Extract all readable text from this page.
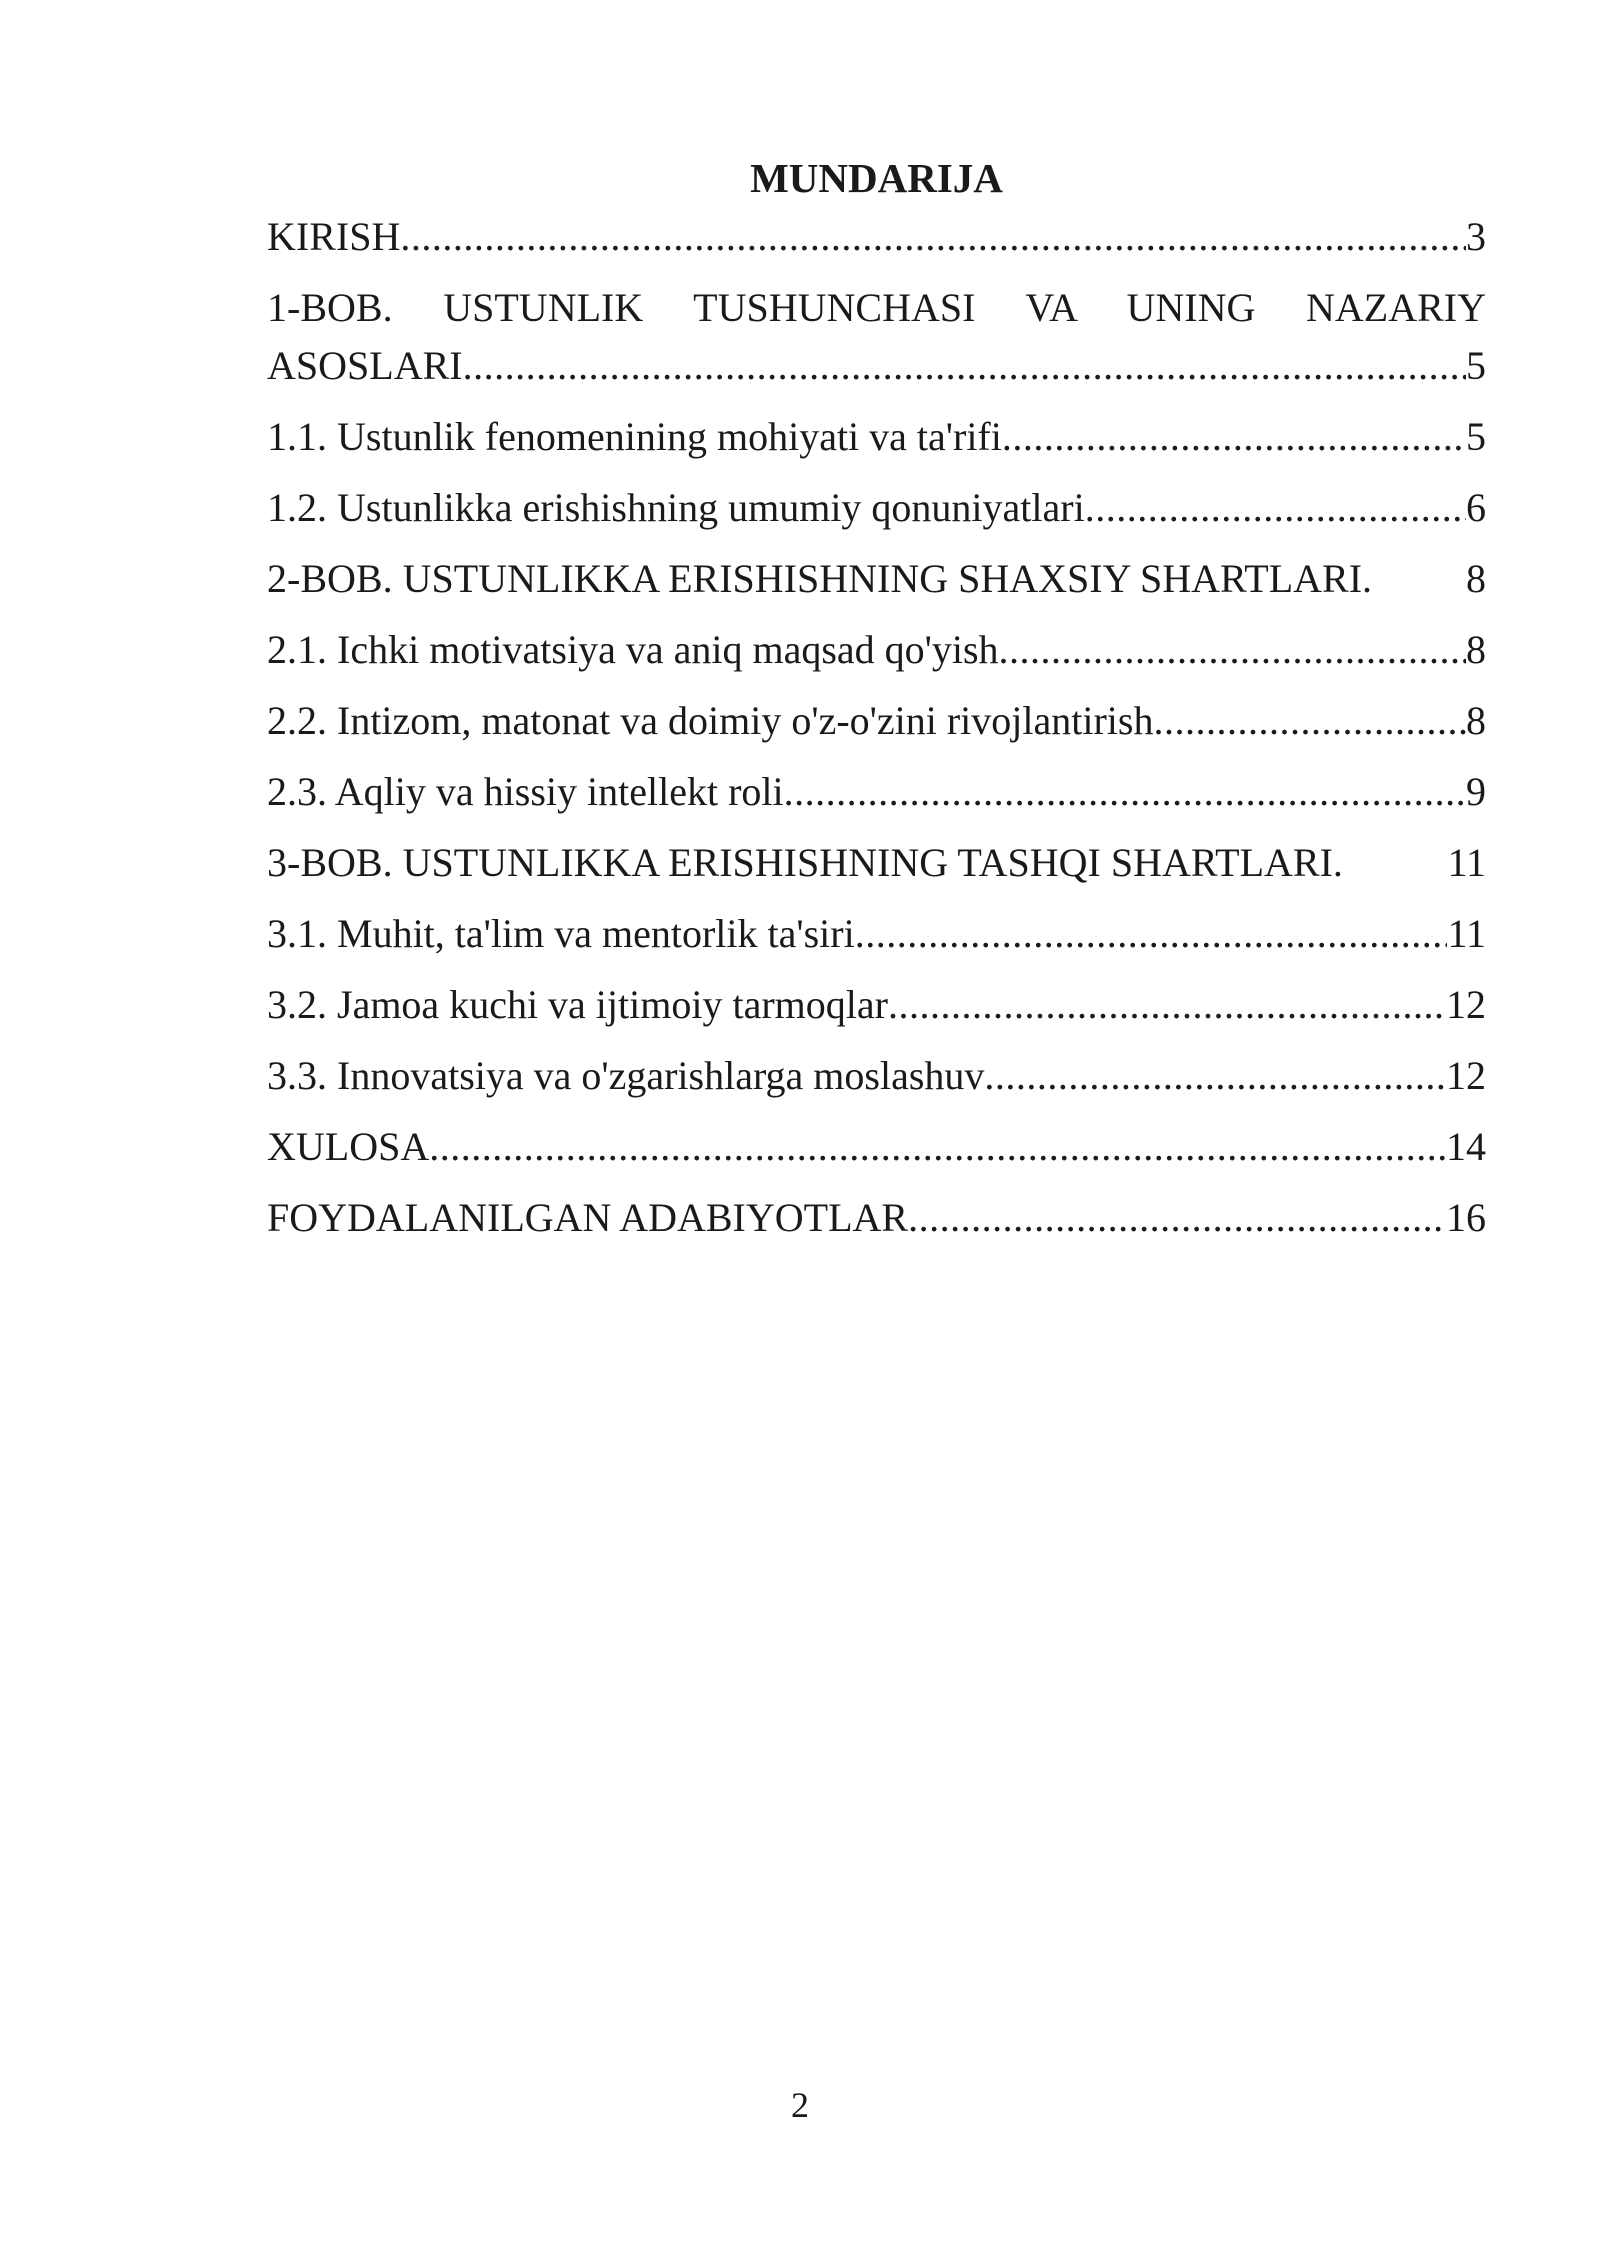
MUNDARIJA
KIRISH .....	3
1-BOB. USTUNLIK TUSHUNCHASI VA UNING NAZARIY
ASOSLARI .....	5
1.1. Ustunlik fenomenining mohiyati va ta'rifi .....	5
1.2. Ustunlikka erishishning umumiy qonuniyatlari .....	6
2-BOB. USTUNLIKKA ERISHISHNING SHAXSIY SHARTLARI.	8
2.1. Ichki motivatsiya va aniq maqsad qo'yish .....	8
2.2. Intizom, matonat va doimiy o'z-o'zini rivojlantirish .....	8
2.3. Aqliy va hissiy intellekt roli .....	9
3-BOB. USTUNLIKKA ERISHISHNING TASHQI SHARTLARI.	11
3.1. Muhit, ta'lim va mentorlik ta'siri .....	11
3.2. Jamoa kuchi va ijtimoiy tarmoqlar .....	12
3.3. Innovatsiya va o'zgarishlarga moslashuv .....	12
XULOSA .....	14
FOYDALANILGAN ADABIYOTLAR .....	16
2
